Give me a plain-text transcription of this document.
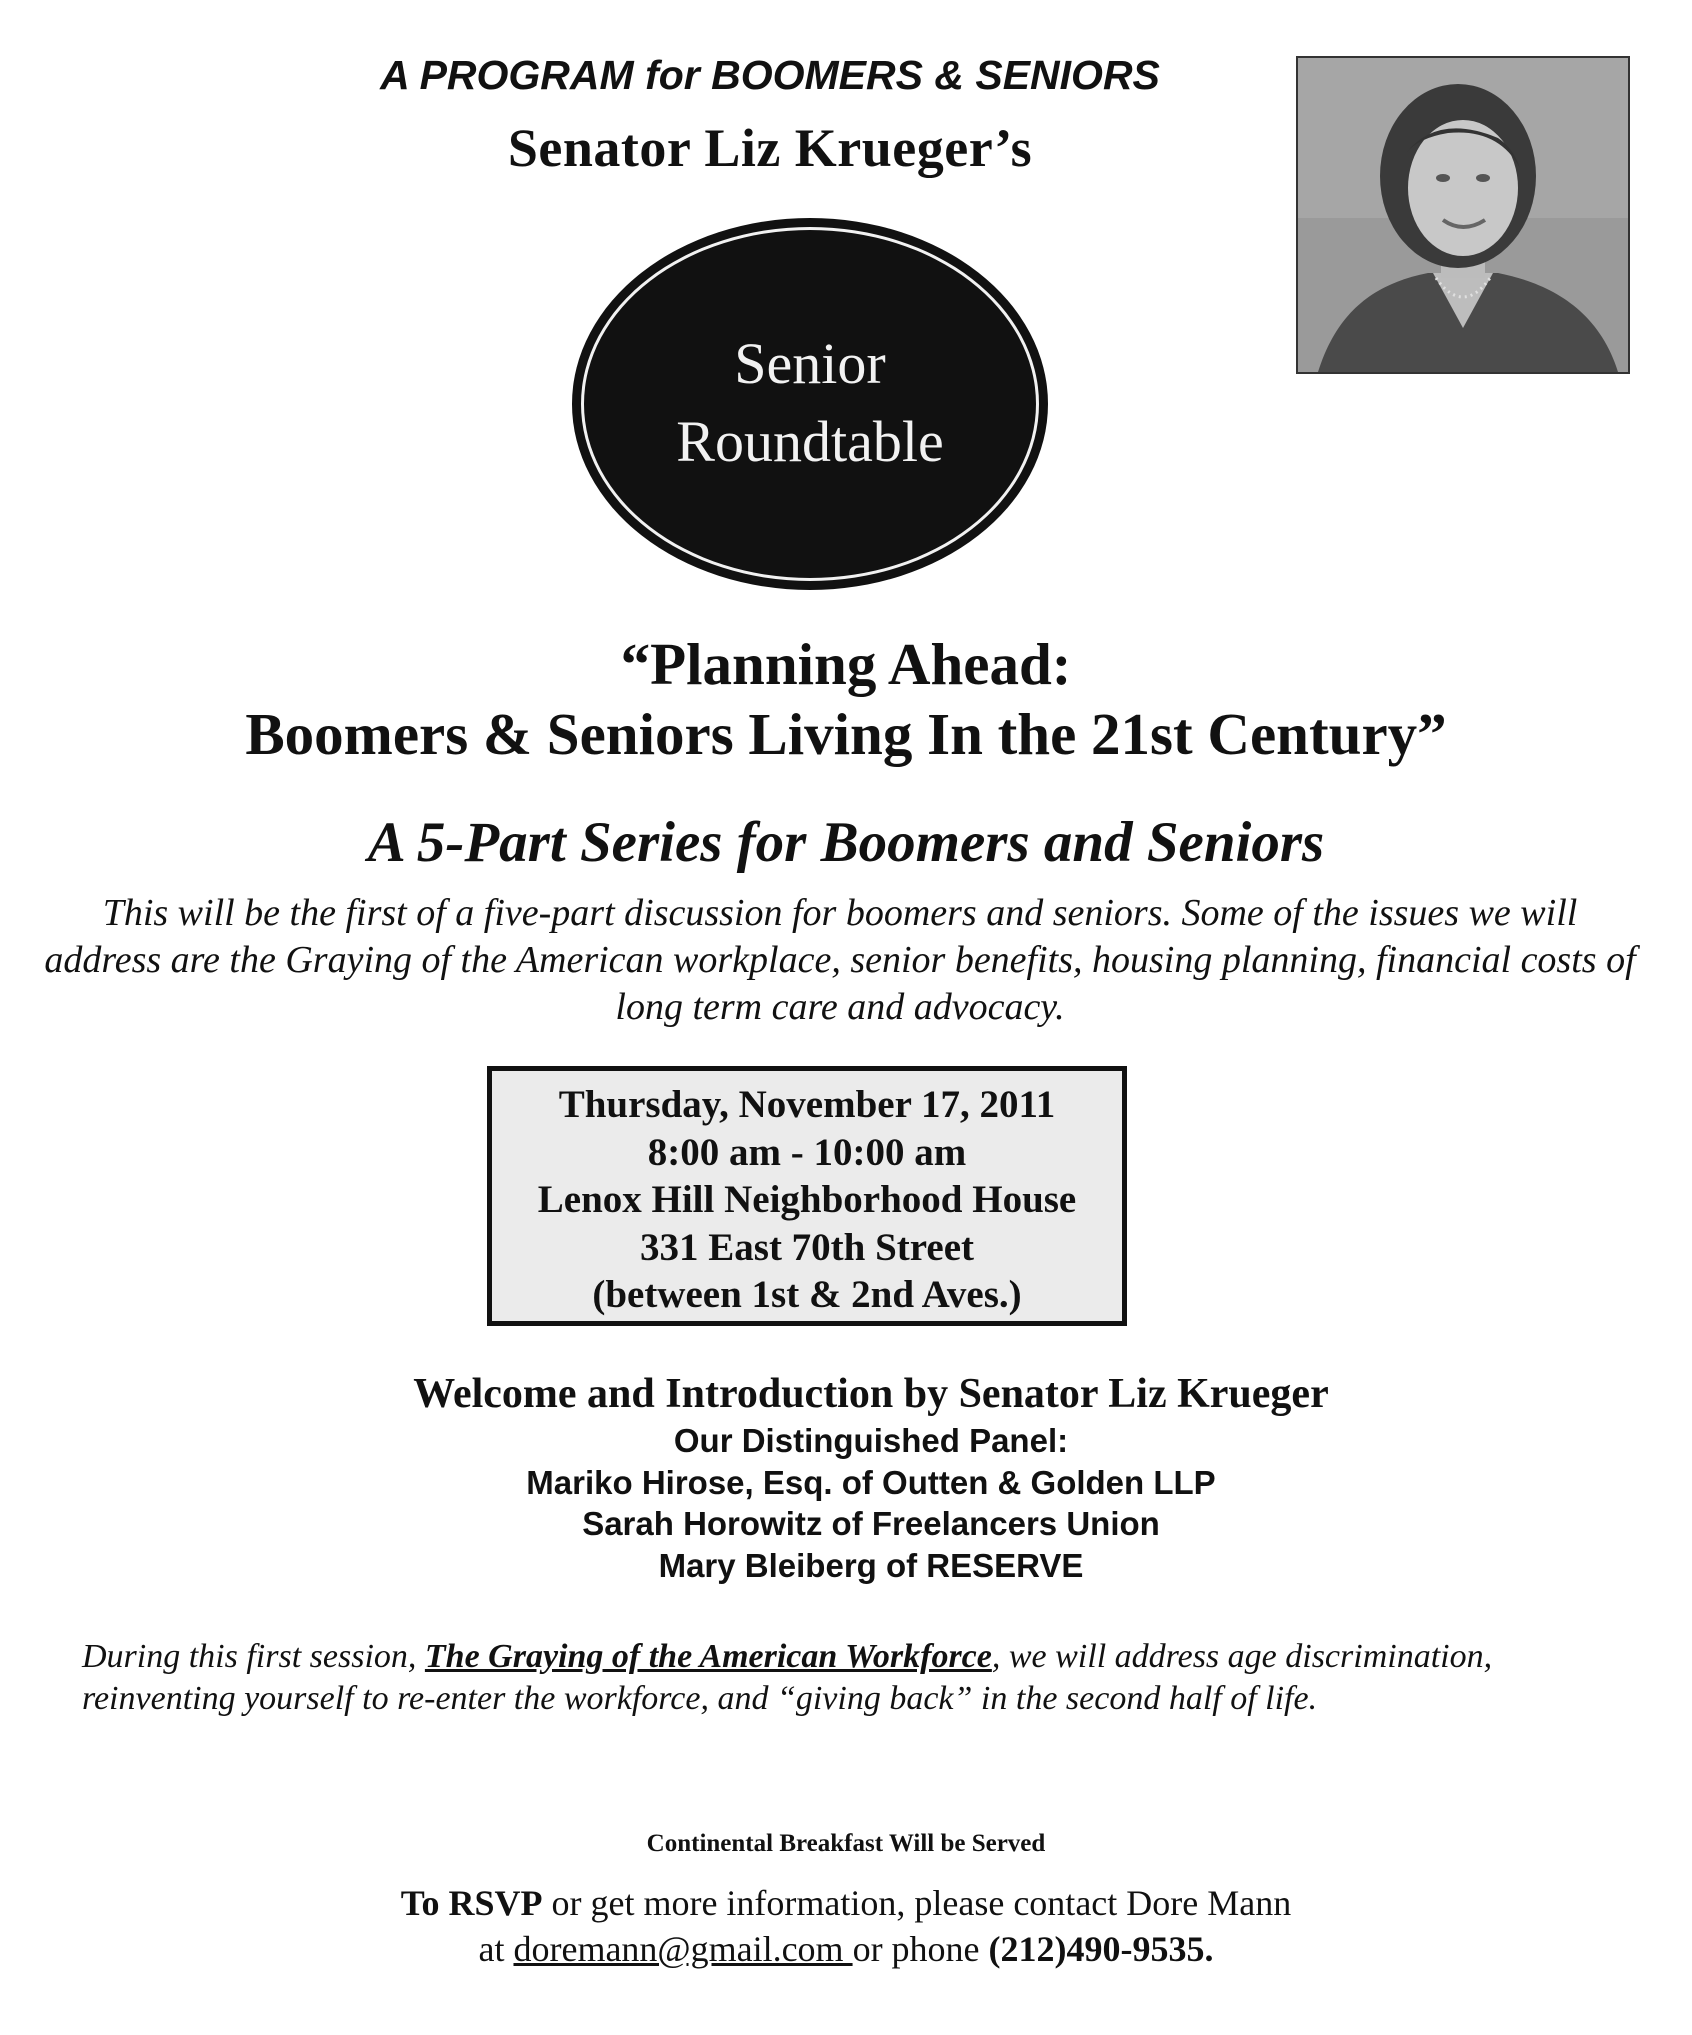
A PROGRAM for BOOMERS & SENIORS
Senator Liz Krueger’s
Senior
Roundtable
“Planning Ahead:
Boomers & Seniors Living In the 21st Century”
A 5-Part Series for Boomers and Seniors
This will be the first of a five-part discussion for boomers and seniors. Some of the issues we will address are the Graying of the American workplace, senior benefits, housing planning, financial costs of long term care and advocacy.
Thursday, November 17, 2011
8:00 am - 10:00 am
Lenox Hill Neighborhood House
331 East 70th Street
(between 1st & 2nd Aves.)
Welcome and Introduction by Senator Liz Krueger
Our Distinguished Panel:
Mariko Hirose, Esq. of Outten & Golden LLP
Sarah Horowitz of Freelancers Union
Mary Bleiberg of RESERVE
During this first session, The Graying of the American Workforce, we will address age discrimination, reinventing yourself to re-enter the workforce, and “giving back” in the second half of life.
Continental Breakfast Will be Served
To RSVP or get more information, please contact Dore Mann
at doremann@gmail.com or phone (212)490-9535.
